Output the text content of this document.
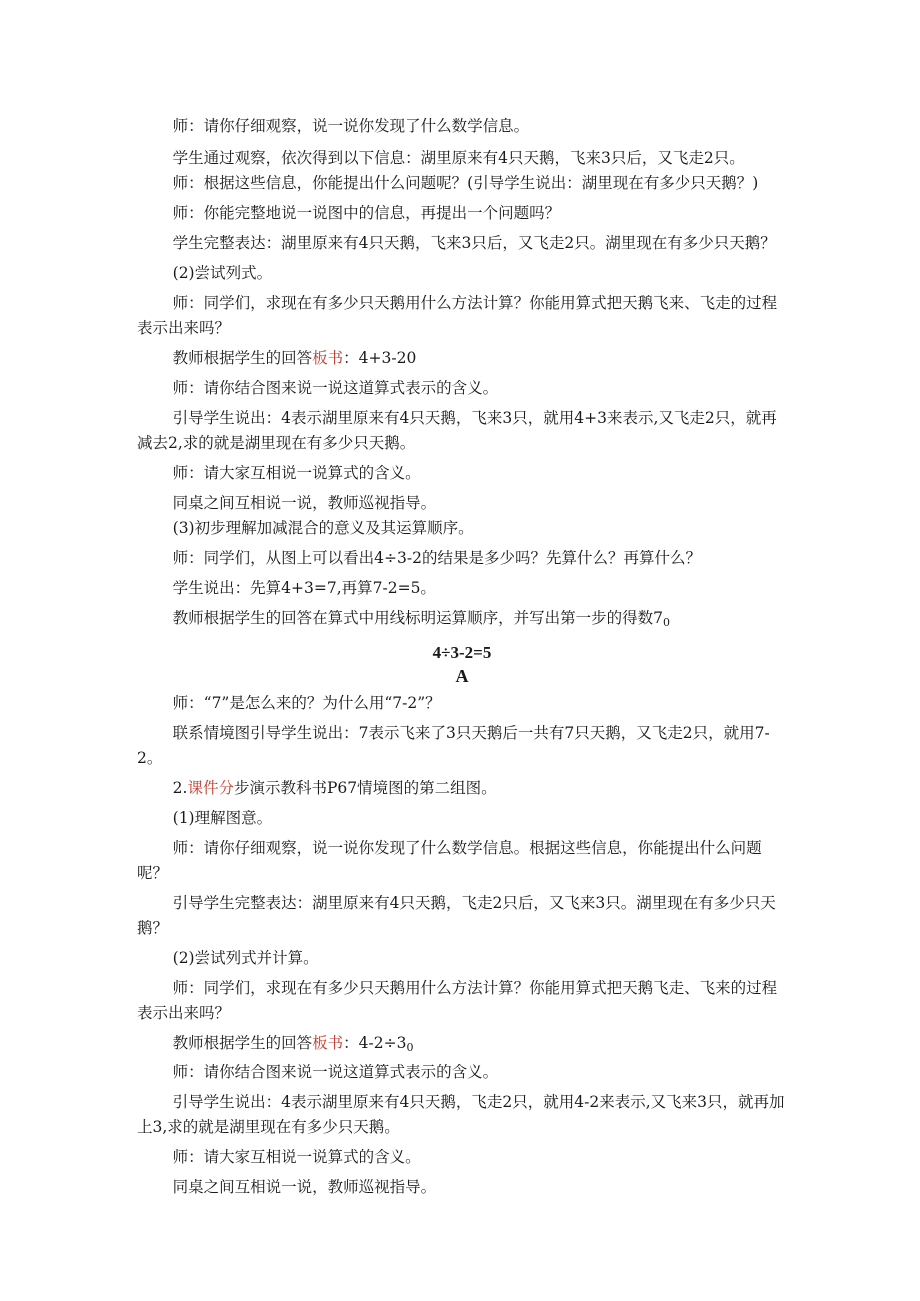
师：请你仔细观察，说一说你发现了什么数学信息。

学生通过观察，依次得到以下信息：湖里原来有4只天鹅，飞来3只后，又飞走2只。

师：根据这些信息，你能提出什么问题呢？(引导学生说出：湖里现在有多少只天鹅？)

师：你能完整地说一说图中的信息，再提出一个问题吗？

学生完整表达：湖里原来有4只天鹅，飞来3只后，又飞走2只。湖里现在有多少只天鹅？

(2)尝试列式。

师：同学们，求现在有多少只天鹅用什么方法计算？你能用算式把天鹅飞来、飞走的过程表示出来吗？

教师根据学生的回答板书：4+3-20

师：请你结合图来说一说这道算式表示的含义。

引导学生说出：4表示湖里原来有4只天鹅，飞来3只，就用4+3来表示,又飞走2只，就再减去2,求的就是湖里现在有多少只天鹅。

师：请大家互相说一说算式的含义。

同桌之间互相说一说，教师巡视指导。

(3)初步理解加减混合的意义及其运算顺序。

师：同学们，从图上可以看出4÷3-2的结果是多少吗？先算什么？再算什么？

学生说出：先算4+3=7,再算7-2=5。

教师根据学生的回答在算式中用线标明运算顺序，并写出第一步的得数$7_0$

4÷3-2=5

A

师：“7”是怎么来的？为什么用“7-2”？

联系情境图引导学生说出：7表示飞来了3只天鹅后一共有7只天鹅，又飞走2只，就用7-2。

2.课件分步演示教科书P67情境图的第二组图。

(1)理解图意。

师：请你仔细观察，说一说你发现了什么数学信息。根据这些信息，你能提出什么问题呢？

引导学生完整表达：湖里原来有4只天鹅，飞走2只后，又飞来3只。湖里现在有多少只天鹅？

(2)尝试列式并计算。

师：同学们，求现在有多少只天鹅用什么方法计算？你能用算式把天鹅飞走、飞来的过程表示出来吗？

教师根据学生的回答板书：$4-2\div 3_0$

师：请你结合图来说一说这道算式表示的含义。

引导学生说出：4表示湖里原来有4只天鹅，飞走2只，就用4-2来表示,又飞来3只，就再加上3,求的就是湖里现在有多少只天鹅。

师：请大家互相说一说算式的含义。

同桌之间互相说一说，教师巡视指导。
